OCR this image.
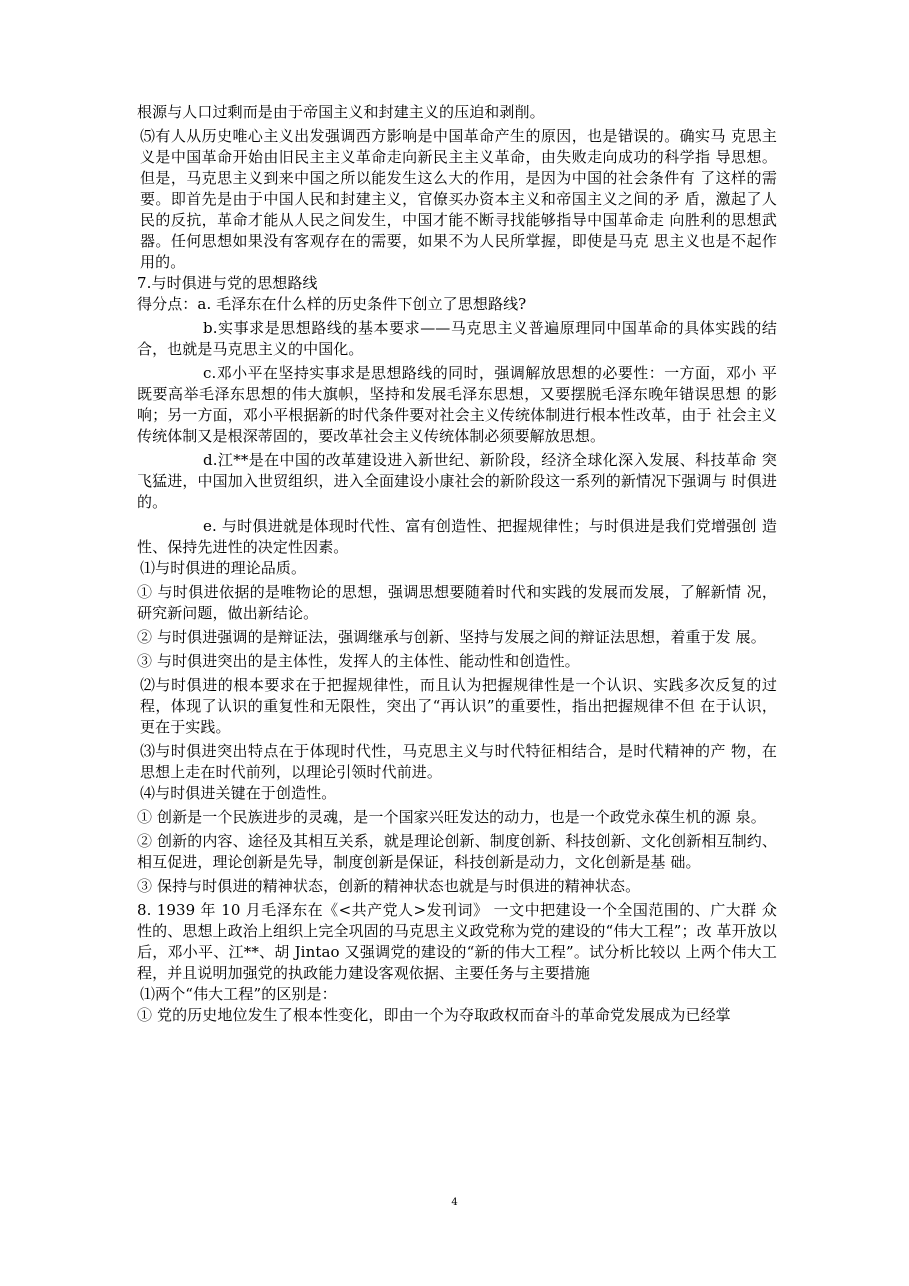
根源与人口过剩而是由于帝国主义和封建主义的压迫和剥削。

⑸有人从历史唯心主义出发强调西方影响是中国革命产生的原因，也是错误的。确实马 克思主义是中国革命开始由旧民主主义革命走向新民主主义革命，由失败走向成功的科学指 导思想。但是，马克思主义到来中国之所以能发生这么大的作用，是因为中国的社会条件有 了这样的需要。即首先是由于中国人民和封建主义，官僚买办资本主义和帝国主义之间的矛 盾，激起了人民的反抗，革命才能从人民之间发生，中国才能不断寻找能够指导中国革命走 向胜利的思想武器。任何思想如果没有客观存在的需要，如果不为人民所掌握，即使是马克 思主义也是不起作用的。

7.与时俱进与党的思想路线

得分点：a. 毛泽东在什么样的历史条件下创立了思想路线?

b.实事求是思想路线的基本要求——马克思主义普遍原理同中国革命的具体实践的结合，也就是马克思主义的中国化。

c.邓小平在坚持实事求是思想路线的同时，强调解放思想的必要性：一方面，邓小 平既要高举毛泽东思想的伟大旗帜，坚持和发展毛泽东思想，又要摆脱毛泽东晚年错误思想 的影响；另一方面，邓小平根据新的时代条件要对社会主义传统体制进行根本性改革，由于 社会主义传统体制又是根深蒂固的，要改革社会主义传统体制必须要解放思想。

d.江**是在中国的改革建设进入新世纪、新阶段，经济全球化深入发展、科技革命 突飞猛进，中国加入世贸组织，进入全面建设小康社会的新阶段这一系列的新情况下强调与 时俱进的。

e. 与时俱进就是体现时代性、富有创造性、把握规律性；与时俱进是我们党增强创 造性、保持先进性的决定性因素。

⑴与时俱进的理论品质。

① 与时俱进依据的是唯物论的思想，强调思想要随着时代和实践的发展而发展，了解新情 况，研究新问题，做出新结论。

② 与时俱进强调的是辩证法，强调继承与创新、坚持与发展之间的辩证法思想，着重于发 展。

③ 与时俱进突出的是主体性，发挥人的主体性、能动性和创造性。

⑵与时俱进的根本要求在于把握规律性，而且认为把握规律性是一个认识、实践多次反复的过程，体现了认识的重复性和无限性，突出了“再认识”的重要性，指出把握规律不但 在于认识，更在于实践。

⑶与时俱进突出特点在于体现时代性，马克思主义与时代特征相结合，是时代精神的产 物，在思想上走在时代前列，以理论引领时代前进。

⑷与时俱进关键在于创造性。

① 创新是一个民族进步的灵魂，是一个国家兴旺发达的动力，也是一个政党永葆生机的源 泉。

② 创新的内容、途径及其相互关系，就是理论创新、制度创新、科技创新、文化创新相互制约、相互促进，理论创新是先导，制度创新是保证，科技创新是动力，文化创新是基 础。

③ 保持与时俱进的精神状态，创新的精神状态也就是与时俱进的精神状态。

8. 1939 年 10 月毛泽东在《<共产党人>发刊词》 一文中把建设一个全国范围的、广大群 众性的、思想上政治上组织上完全巩固的马克思主义政党称为党的建设的“伟大工程”；改 革开放以后，邓小平、江**、胡 Jintao 又强调党的建设的“新的伟大工程”。试分析比较以 上两个伟大工程，并且说明加强党的执政能力建设客观依据、主要任务与主要措施

⑴两个“伟大工程”的区别是：

① 党的历史地位发生了根本性变化，即由一个为夺取政权而奋斗的革命党发展成为已经掌

4
